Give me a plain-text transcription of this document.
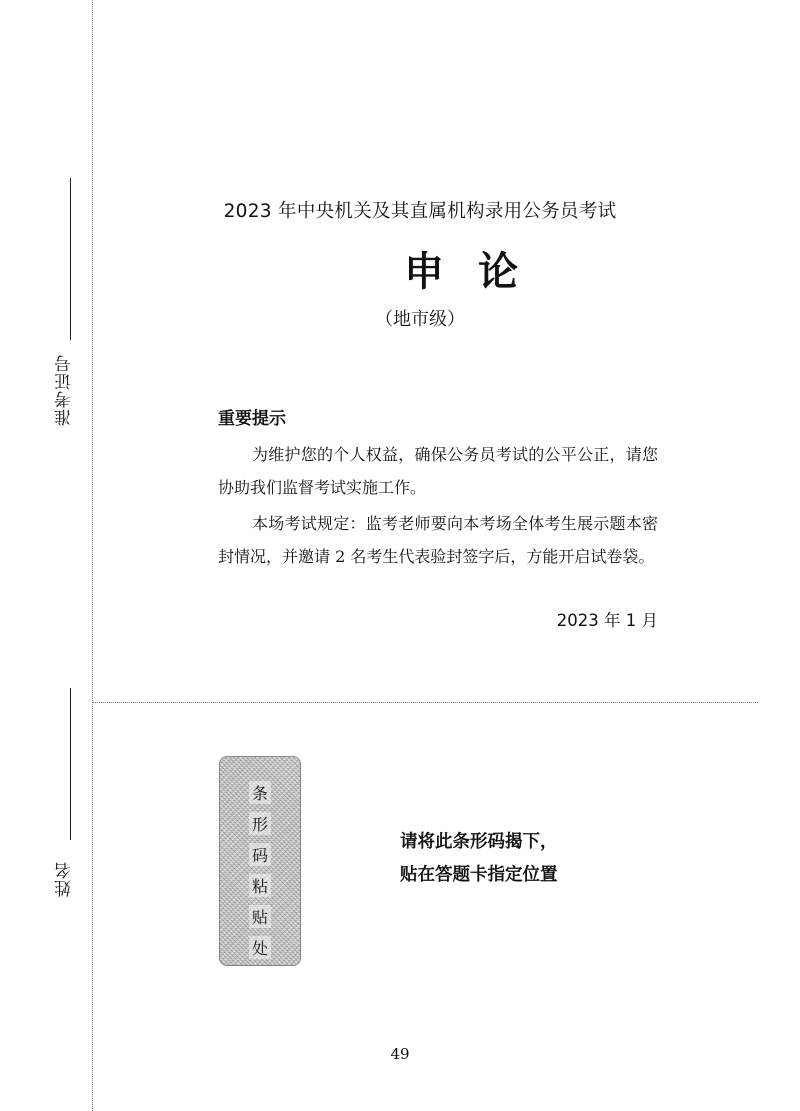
准考证号
姓名
2023 年中央机关及其直属机构录用公务员考试
申论
（地市级）
重要提示
为维护您的个人权益，确保公务员考试的公平公正，请您协助我们监督考试实施工作。
本场考试规定：监考老师要向本考场全体考生展示题本密封情况，并邀请 2 名考生代表验封签字后，方能开启试卷袋。
2023 年 1 月
条
形
码
粘
贴
处
请将此条形码揭下，
贴在答题卡指定位置
49
